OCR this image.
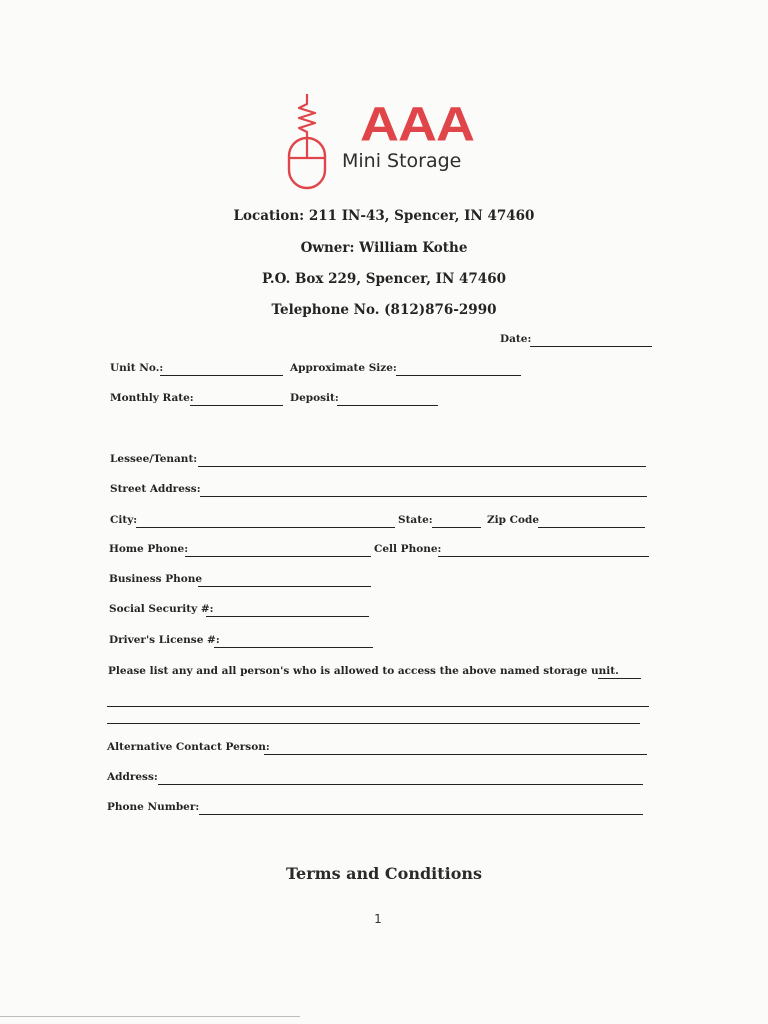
AAA
Mini Storage
Location: 211 IN-43, Spencer, IN 47460
Owner: William Kothe
P.O. Box 229, Spencer, IN 47460
Telephone No. (812)876-2990
Date:
Unit No.:	Approximate Size:
Monthly Rate:	Deposit:
Lessee/Tenant:
Street Address:
City:	State:	Zip Code
Home Phone:	Cell Phone:
Business Phone
Social Security #:
Driver's License #:
Please list any and all person's who is allowed to access the above named storage unit.
Alternative Contact Person:
Address:
Phone Number:
Terms and Conditions
1
